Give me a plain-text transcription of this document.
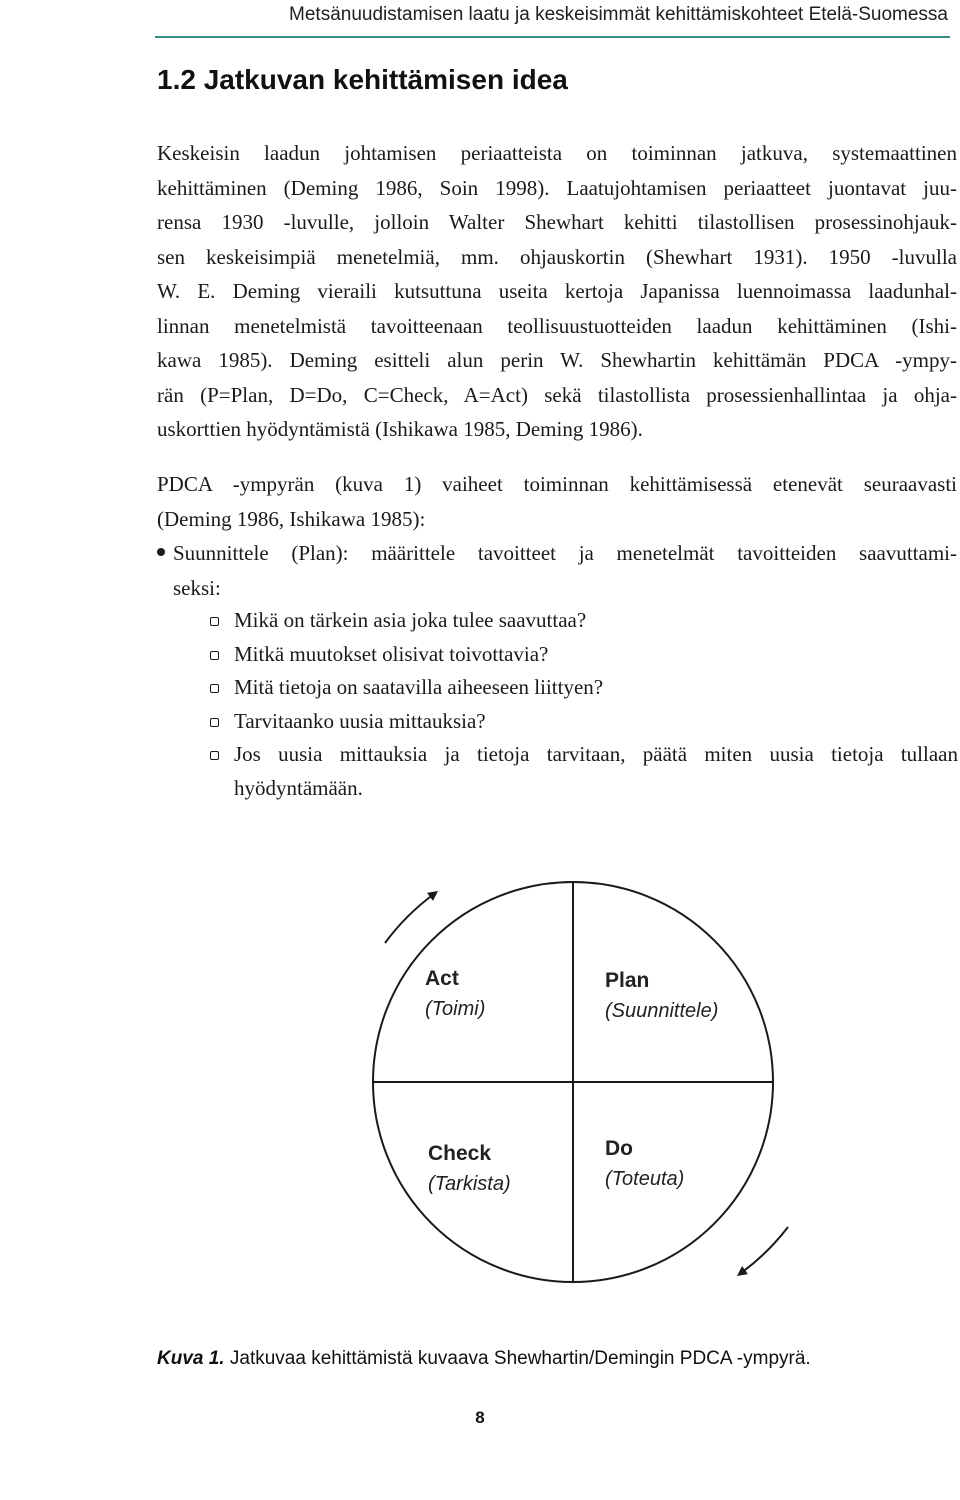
Metsänuudistamisen laatu ja keskeisimmät kehittämiskohteet Etelä-Suomessa
1.2 Jatkuvan kehittämisen idea

Keskeisin laadun johtamisen periaatteista on toiminnan jatkuva, systemaattinen
kehittäminen (Deming 1986, Soin 1998). Laatujohtamisen periaatteet juontavat juu-
rensa 1930 -luvulle, jolloin Walter Shewhart kehitti tilastollisen prosessinohjauk-
sen keskeisimpiä menetelmiä, mm. ohjauskortin (Shewhart 1931). 1950 -luvulla
W. E. Deming vieraili kutsuttuna useita kertoja Japanissa luennoimassa laadunhal-
linnan menetelmistä tavoitteenaan teollisuustuotteiden laadun kehittäminen (Ishi-
kawa 1985). Deming esitteli alun perin W. Shewhartin kehittämän PDCA -ympy-
rän (P=Plan, D=Do, C=Check, A=Act) sekä tilastollista prosessienhallintaa ja ohja-
uskorttien hyödyntämistä (Ishikawa 1985, Deming 1986).

PDCA -ympyrän (kuva 1) vaiheet toiminnan kehittämisessä etenevät seuraavasti
(Deming 1986, Ishikawa 1985):

Suunnittele (Plan): määrittele tavoitteet ja menetelmät tavoitteiden saavuttami-
seksi:
Mikä on tärkein asia joka tulee saavuttaa?
Mitkä muutokset olisivat toivottavia?
Mitä tietoja on saatavilla aiheeseen liittyen?
Tarvitaanko uusia mittauksia?
Jos uusia mittauksia ja tietoja tarvitaan, päätä miten uusia tietoja tullaan
hyödyntämään.
Act
(Toimi)
Plan
(Suunnittele)
Check
(Tarkista)
Do
(Toteuta)
Kuva 1. Jatkuvaa kehittämistä kuvaava Shewhartin/Demingin PDCA -ympyrä.
8
